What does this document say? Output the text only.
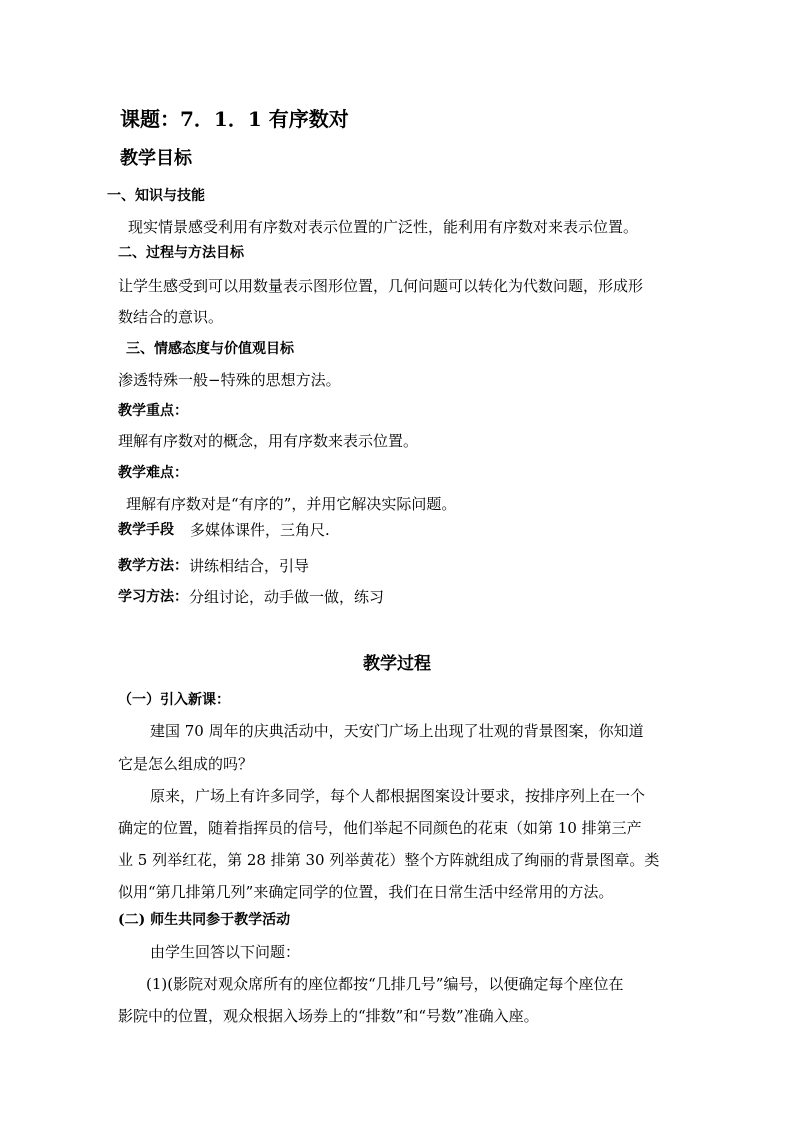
课题：7．1．1 有序数对
教学目标
一、知识与技能
现实情景感受利用有序数对表示位置的广泛性，能利用有序数对来表示位置。
二、过程与方法目标
让学生感受到可以用数量表示图形位置，几何问题可以转化为代数问题，形成形
数结合的意识。
三、情感态度与价值观目标
渗透特殊一般−特殊的思想方法。
教学重点：
理解有序数对的概念，用有序数来表示位置。
教学难点：
理解有序数对是“有序的”，并用它解决实际问题。
教学手段 多媒体课件，三角尺.
教学方法： 讲练相结合，引导
学习方法： 分组讨论，动手做一做，练习
教学过程
（一）引入新课：
建国 70 周年的庆典活动中，天安门广场上出现了壮观的背景图案，你知道
它是怎么组成的吗？
原来，广场上有许多同学，每个人都根据图案设计要求，按排序列上在一个
确定的位置，随着指挥员的信号，他们举起不同颜色的花束（如第 10 排第三产
业 5 列举红花，第 28 排第 30 列举黄花）整个方阵就组成了绚丽的背景图章。类
似用“第几排第几列”来确定同学的位置，我们在日常生活中经常用的方法。
(二) 师生共同参于教学活动
由学生回答以下问题：
(1)(影院对观众席所有的座位都按“几排几号”编号，以便确定每个座位在
影院中的位置，观众根据入场券上的“排数”和“号数”准确入座。
